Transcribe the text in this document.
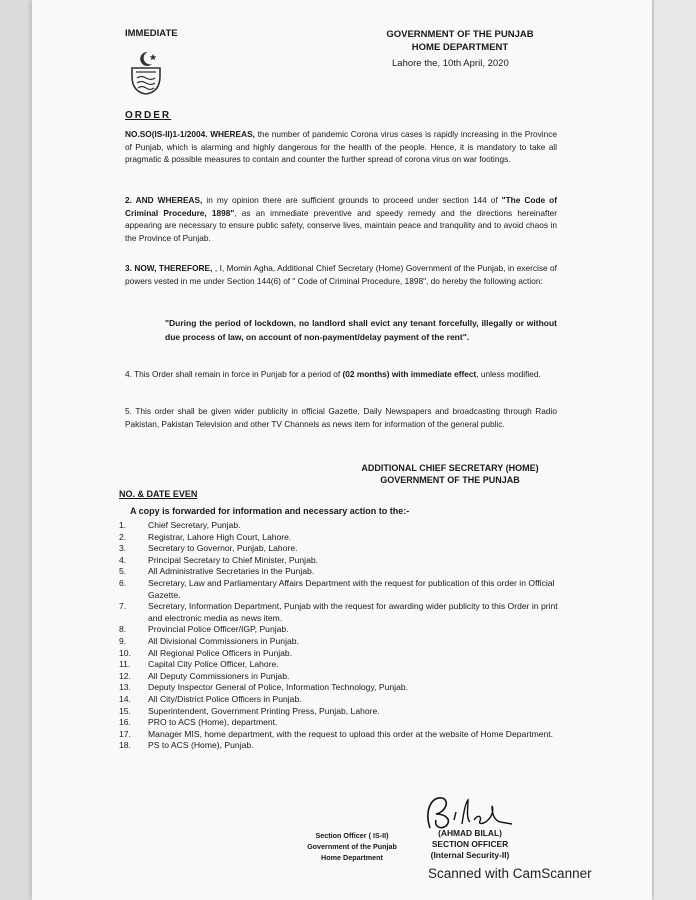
IMMEDIATE	GOVERNMENT OF THE PUNJAB
HOME DEPARTMENT
Lahore the, 10th April, 2020
ORDER
NO.SO(IS-II)1-1/2004. WHEREAS, the number of pandemic Corona virus cases is rapidly increasing in the Province of Punjab, which is alarming and highly dangerous for the health of the people. Hence, it is mandatory to take all pragmatic & possible measures to contain and counter the further spread of corona virus on war footings.
2. AND WHEREAS, in my opinion there are sufficient grounds to proceed under section 144 of "The Code of Criminal Procedure, 1898", as an immediate preventive and speedy remedy and the directions hereinafter appearing are necessary to ensure public safety, conserve lives, maintain peace and tranquility and to avoid chaos in the Province of Punjab.
3. NOW, THEREFORE, , I, Momin Agha, Additional Chief Secretary (Home) Government of the Punjab, in exercise of powers vested in me under Section 144(6) of " Code of Criminal Procedure, 1898", do hereby the following action:
"During the period of lockdown, no landlord shall evict any tenant forcefully, illegally or without due process of law, on account of non-payment/delay payment of the rent".
4. This Order shall remain in force in Punjab for a period of (02 months) with immediate effect, unless modified.
5. This order shall be given wider publicity in official Gazette, Daily Newspapers and broadcasting through Radio Pakistan, Pakistan Television and other TV Channels as news item for information of the general public.
ADDITIONAL CHIEF SECRETARY (HOME)
GOVERNMENT OF THE PUNJAB
NO. & DATE EVEN
A copy is forwarded for information and necessary action to the:-
1.	Chief Secretary, Punjab.
2.	Registrar, Lahore High Court, Lahore.
3.	Secretary to Governor, Punjab, Lahore.
4.	Principal Secretary to Chief Minister, Punjab.
5.	All Administrative Secretaries in the Punjab.
6.	Secretary, Law and Parliamentary Affairs Department with the request for publication of this order in Official Gazette.
7.	Secretary, Information Department, Punjab with the request for awarding wider publicity to this Order in print and electronic media as news item.
8.	Provincial Police Officer/IGP, Punjab.
9.	All Divisional Commissioners in Punjab.
10.	All Regional Police Officers in Punjab.
11.	Capital City Police Officer, Lahore.
12.	All Deputy Commissioners in Punjab.
13.	Deputy Inspector General of Police, Information Technology, Punjab.
14.	All City/District Police Officers in Punjab.
15.	Superintendent, Government Printing Press, Punjab, Lahore.
16.	PRO to ACS (Home), department.
17.	Manager MIS, home department, with the request to upload this order at the website of Home Department.
18.	PS to ACS (Home), Punjab.
Section Officer ( IS-II)
Government of the Punjab
Home Department
(AHMAD BILAL)
SECTION OFFICER
(Internal Security-II)
Scanned with CamScanner
